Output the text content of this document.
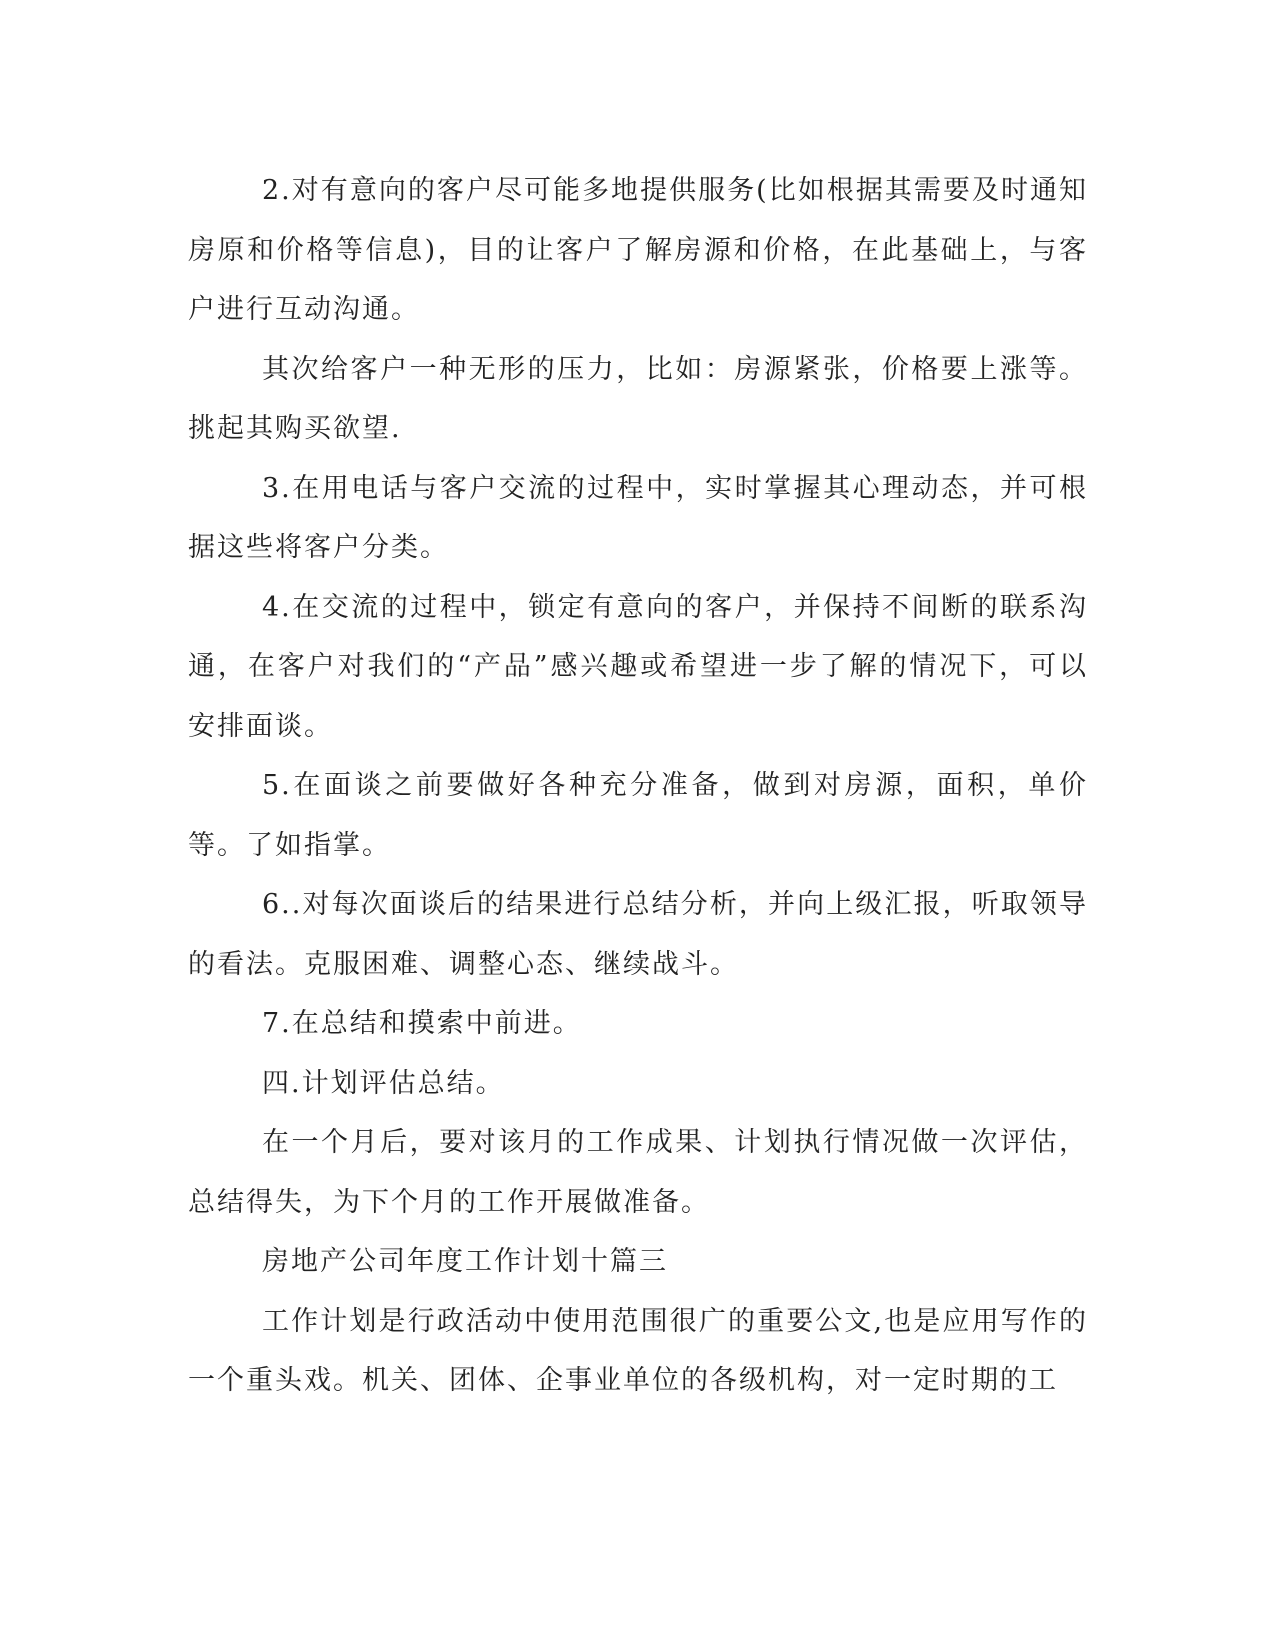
2.对有意向的客户尽可能多地提供服务(比如根据其需要及时通知房原和价格等信息)，目的让客户了解房源和价格，在此基础上，与客户进行互动沟通。

其次给客户一种无形的压力，比如：房源紧张，价格要上涨等。挑起其购买欲望.

3.在用电话与客户交流的过程中，实时掌握其心理动态，并可根据这些将客户分类。

4.在交流的过程中，锁定有意向的客户，并保持不间断的联系沟通，在客户对我们的“产品”感兴趣或希望进一步了解的情况下，可以安排面谈。

5.在面谈之前要做好各种充分准备，做到对房源，面积，单价等。了如指掌。

6..对每次面谈后的结果进行总结分析，并向上级汇报，听取领导的看法。克服困难、调整心态、继续战斗。

7.在总结和摸索中前进。

四.计划评估总结。

在一个月后，要对该月的工作成果、计划执行情况做一次评估，总结得失，为下个月的工作开展做准备。

房地产公司年度工作计划十篇三

工作计划是行政活动中使用范围很广的重要公文,也是应用写作的一个重头戏。机关、团体、企事业单位的各级机构，对一定时期的工
